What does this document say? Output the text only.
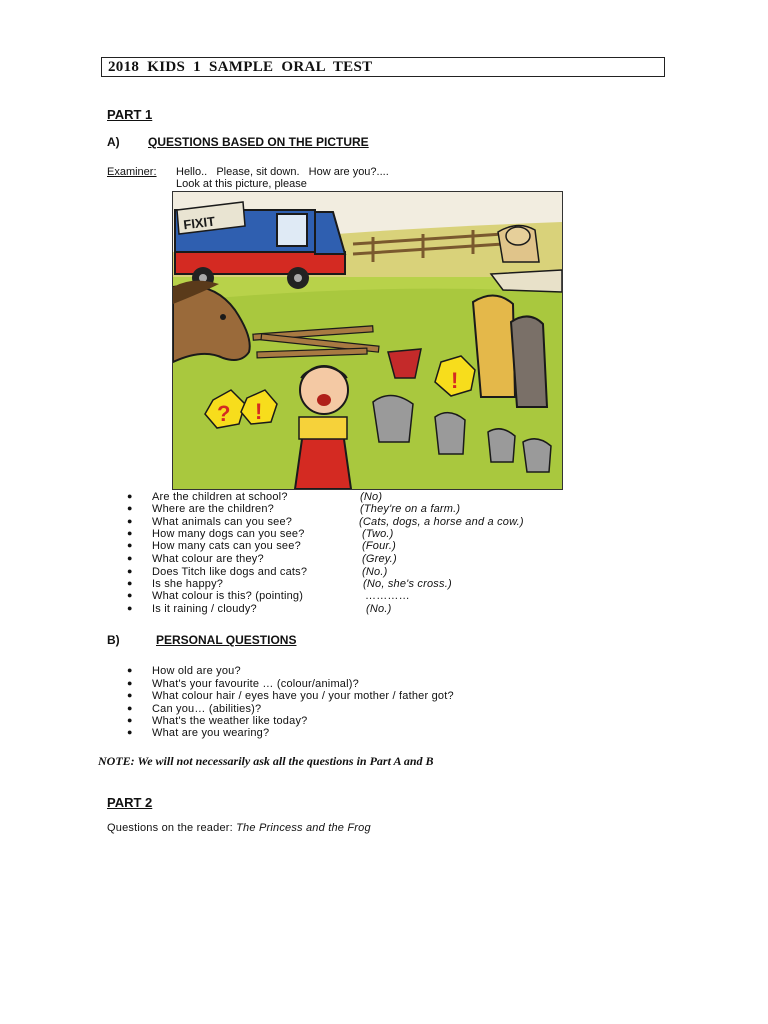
2018 KIDS 1 SAMPLE ORAL TEST
PART 1
A) QUESTIONS BASED ON THE PICTURE
Examiner: Hello..   Please, sit down.   How are you?....
Look at this picture, please
FIXIT
? !
!
● Are the children at school?	(No)
● Where are the children?	(They're on a farm.)
● What animals can you see?	(Cats, dogs, a horse and a cow.)
● How many dogs can you see?	(Two.)
● How many cats can you see?	(Four.)
● What colour are they?	(Grey.)
● Does Titch like dogs and cats?	(No.)
● Is she happy?	(No, she's cross.)
● What colour is this? (pointing)	…………
● Is it raining / cloudy?	(No.)
B)	PERSONAL QUESTIONS
● How old are you?
● What's your favourite … (colour/animal)?
● What colour hair / eyes have you / your mother / father got?
● Can you… (abilities)?
● What's the weather like today?
● What are you wearing?
NOTE: We will not necessarily ask all the questions in Part A and B
PART 2
Questions on the reader: The Princess and the Frog
